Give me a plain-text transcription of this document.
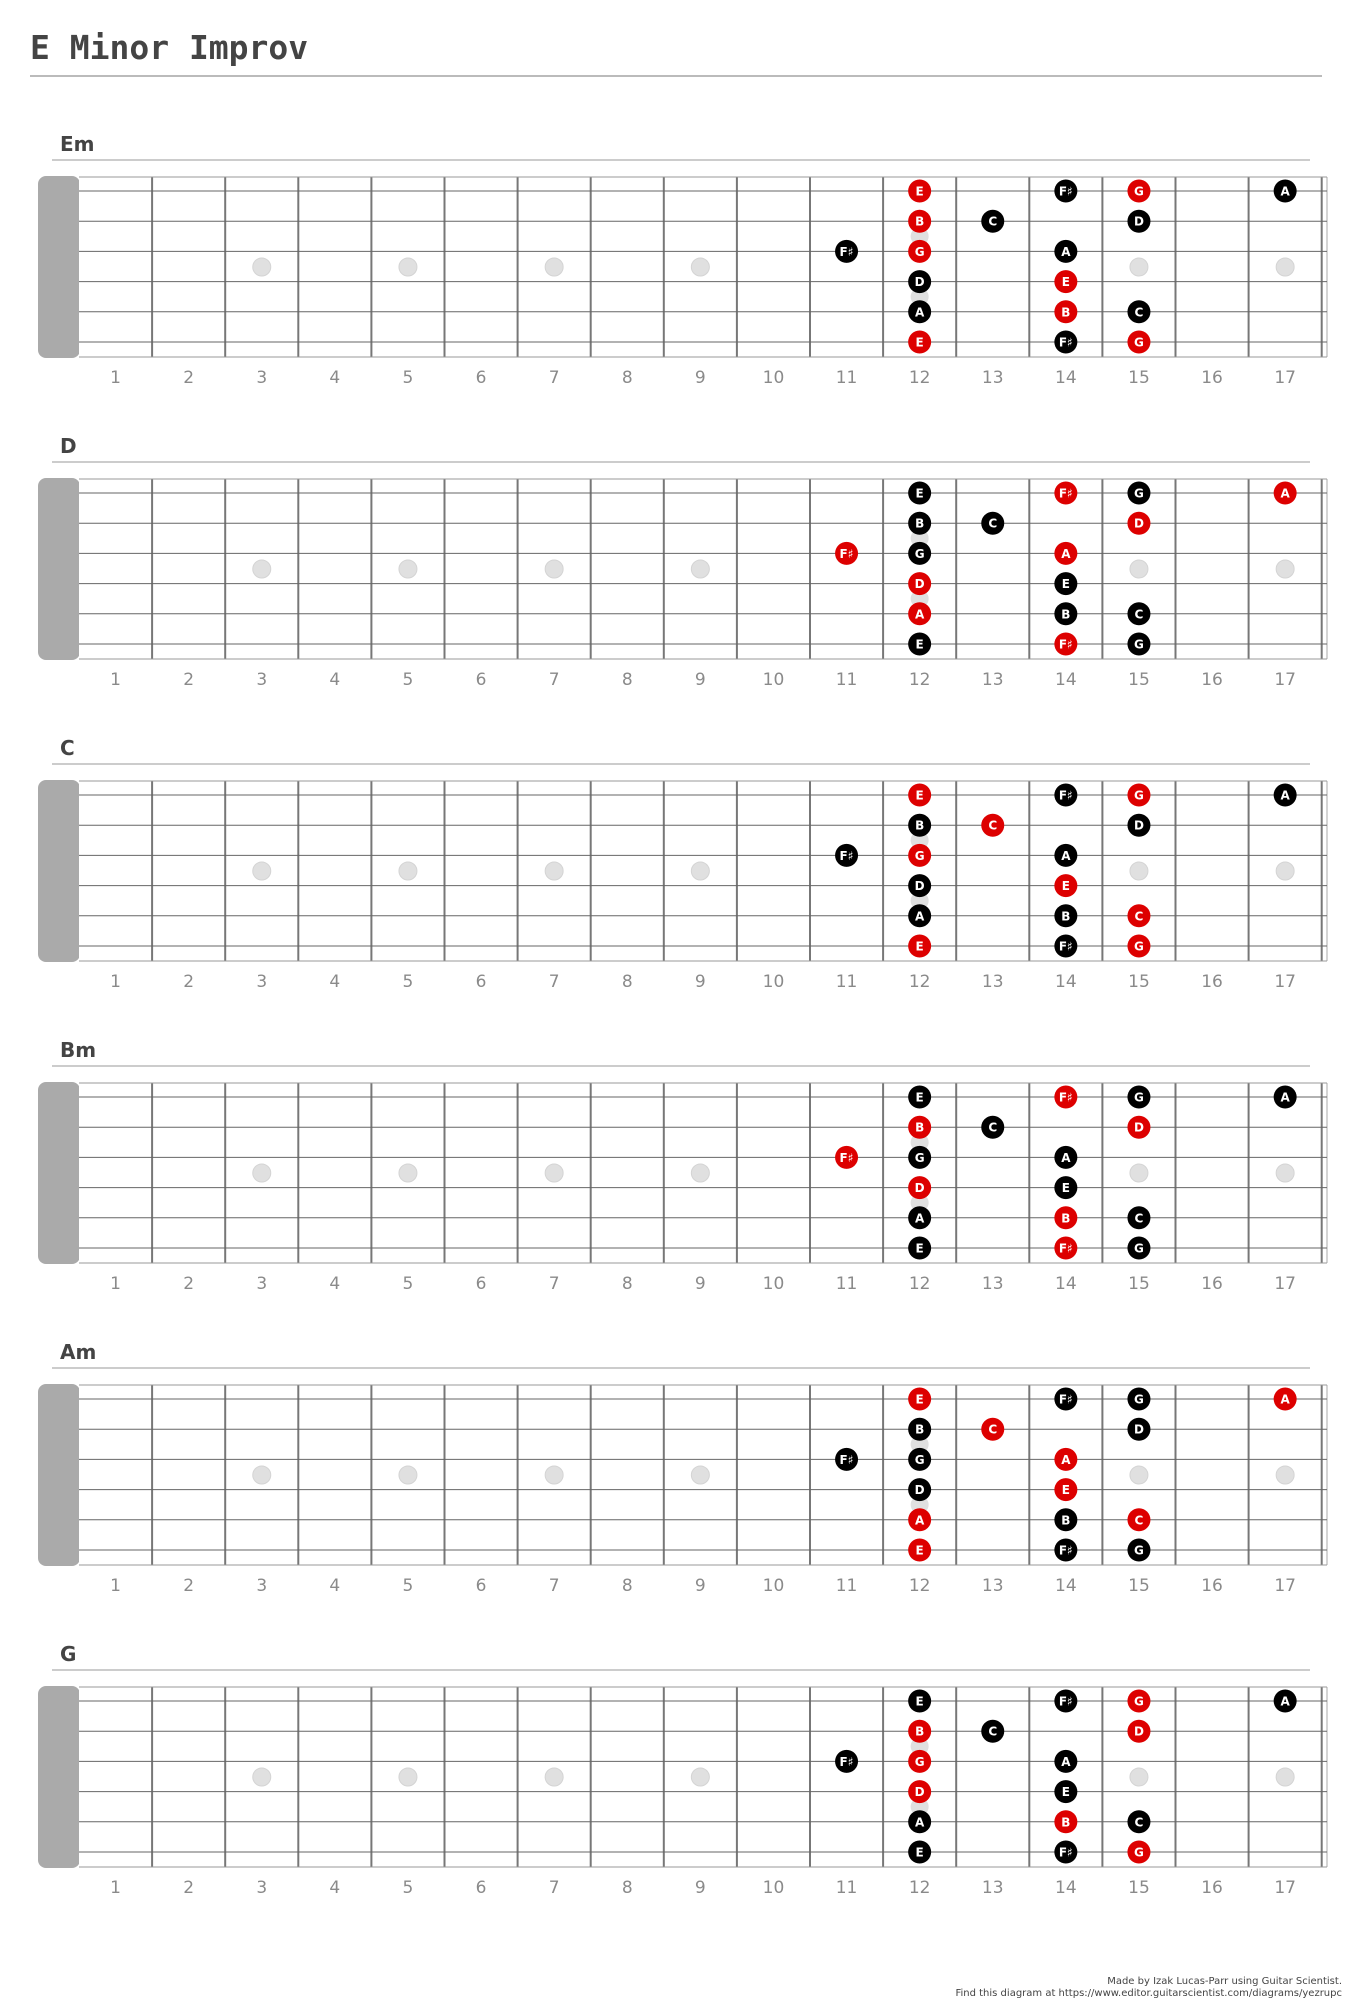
E Minor Improv
Em
1	2	3	4	5	6	7	8	9	10	11	12	13	14	15	16	17
E	F♯	G	A
B	C	D
F♯	G	A
D	E
A	B	C
E	F♯	G
D
1	2	3	4	5	6	7	8	9	10	11	12	13	14	15	16	17
E	F♯	G	A
B	C	D
F♯	G	A
D	E
A	B	C
E	F♯	G
C
1	2	3	4	5	6	7	8	9	10	11	12	13	14	15	16	17
E	F♯	G	A
B	C	D
F♯	G	A
D	E
A	B	C
E	F♯	G
Bm
1	2	3	4	5	6	7	8	9	10	11	12	13	14	15	16	17
E	F♯	G	A
B	C	D
F♯	G	A
D	E
A	B	C
E	F♯	G
Am
1	2	3	4	5	6	7	8	9	10	11	12	13	14	15	16	17
E	F♯	G	A
B	C	D
F♯	G	A
D	E
A	B	C
E	F♯	G
G
1	2	3	4	5	6	7	8	9	10	11	12	13	14	15	16	17
E	F♯	G	A
B	C	D
F♯	G	A
D	E
A	B	C
E	F♯	G
Made by Izak Lucas-Parr using Guitar Scientist.
Find this diagram at https://www.editor.guitarscientist.com/diagrams/yezrupc
